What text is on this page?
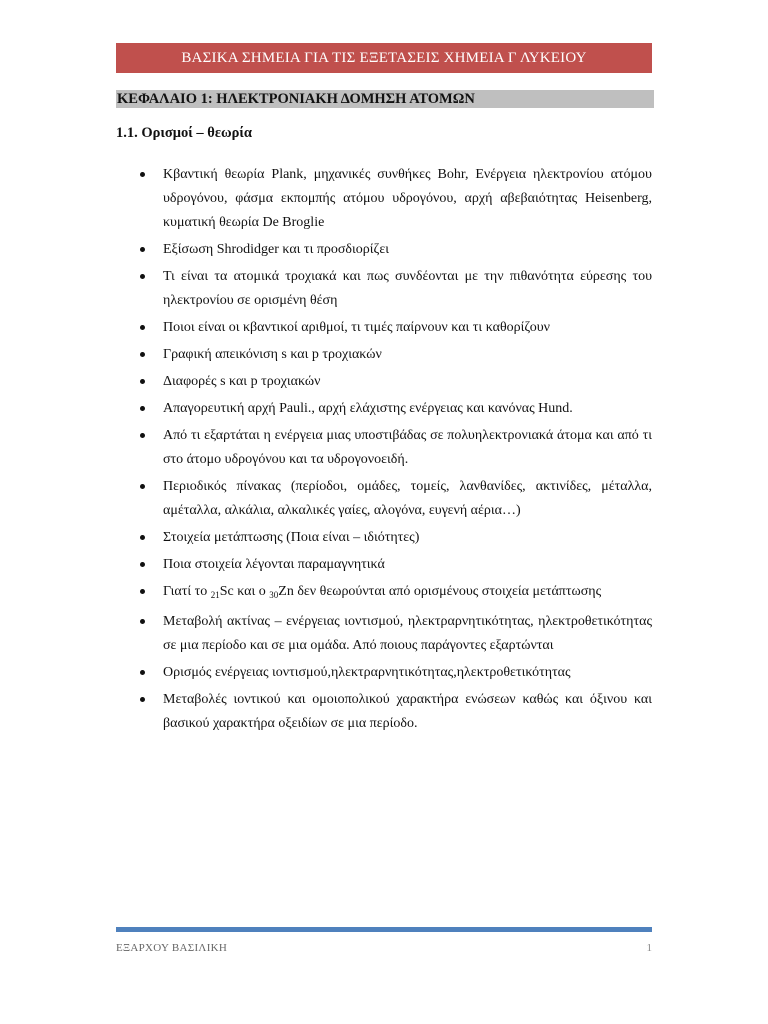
ΒΑΣΙΚΑ ΣΗΜΕΙΑ ΓΙΑ ΤΙΣ ΕΞΕΤΑΣΕΙΣ ΧΗΜΕΙΑ Γ ΛΥΚΕΙΟΥ
ΚΕΦΑΛΑΙΟ 1: ΗΛΕΚΤΡΟΝΙΑΚΗ ΔΟΜΗΣΗ ΑΤΟΜΩΝ
1.1. Ορισμοί – θεωρία
Κβαντική θεωρία Plank, μηχανικές συνθήκες Bohr, Ενέργεια ηλεκτρονίου ατόμου υδρογόνου, φάσμα εκπομπής ατόμου υδρογόνου, αρχή αβεβαιότητας Heisenberg, κυματική θεωρία De Broglie
Εξίσωση Shrodidger και τι προσδιορίζει
Τι είναι τα ατομικά τροχιακά και πως συνδέονται με την πιθανότητα εύρεσης του ηλεκτρονίου σε ορισμένη θέση
Ποιοι είναι οι κβαντικοί αριθμοί, τι τιμές παίρνουν και τι καθορίζουν
Γραφική απεικόνιση s και p τροχιακών
Διαφορές s και p τροχιακών
Απαγορευτική αρχή Pauli., αρχή ελάχιστης ενέργειας και κανόνας Hund.
Από τι εξαρτάται η ενέργεια μιας υποστιβάδας σε πολυηλεκτρονιακά άτομα και από τι στο άτομο υδρογόνου και τα υδρογονοειδή.
Περιοδικός πίνακας (περίοδοι, ομάδες, τομείς, λανθανίδες, ακτινίδες, μέταλλα, αμέταλλα, αλκάλια, αλκαλικές γαίες, αλογόνα, ευγενή αέρια…)
Στοιχεία μετάπτωσης (Ποια είναι – ιδιότητες)
Ποια στοιχεία λέγονται παραμαγνητικά
Γιατί το $_{21}$Sc και ο $_{30}$Zn δεν θεωρούνται από ορισμένους στοιχεία μετάπτωσης
Μεταβολή ακτίνας – ενέργειας ιοντισμού, ηλεκτραρνητικότητας, ηλεκτροθετικότητας σε μια περίοδο και σε μια ομάδα. Από ποιους παράγοντες εξαρτώνται
Ορισμός ενέργειας ιοντισμού,ηλεκτραρνητικότητας,ηλεκτροθετικότητας
Μεταβολές ιοντικού και ομοιοπολικού χαρακτήρα ενώσεων καθώς και όξινου και βασικού χαρακτήρα οξειδίων σε μια περίοδο.
ΕΞΑΡΧΟΥ ΒΑΣΙΛΙΚΗ	1
